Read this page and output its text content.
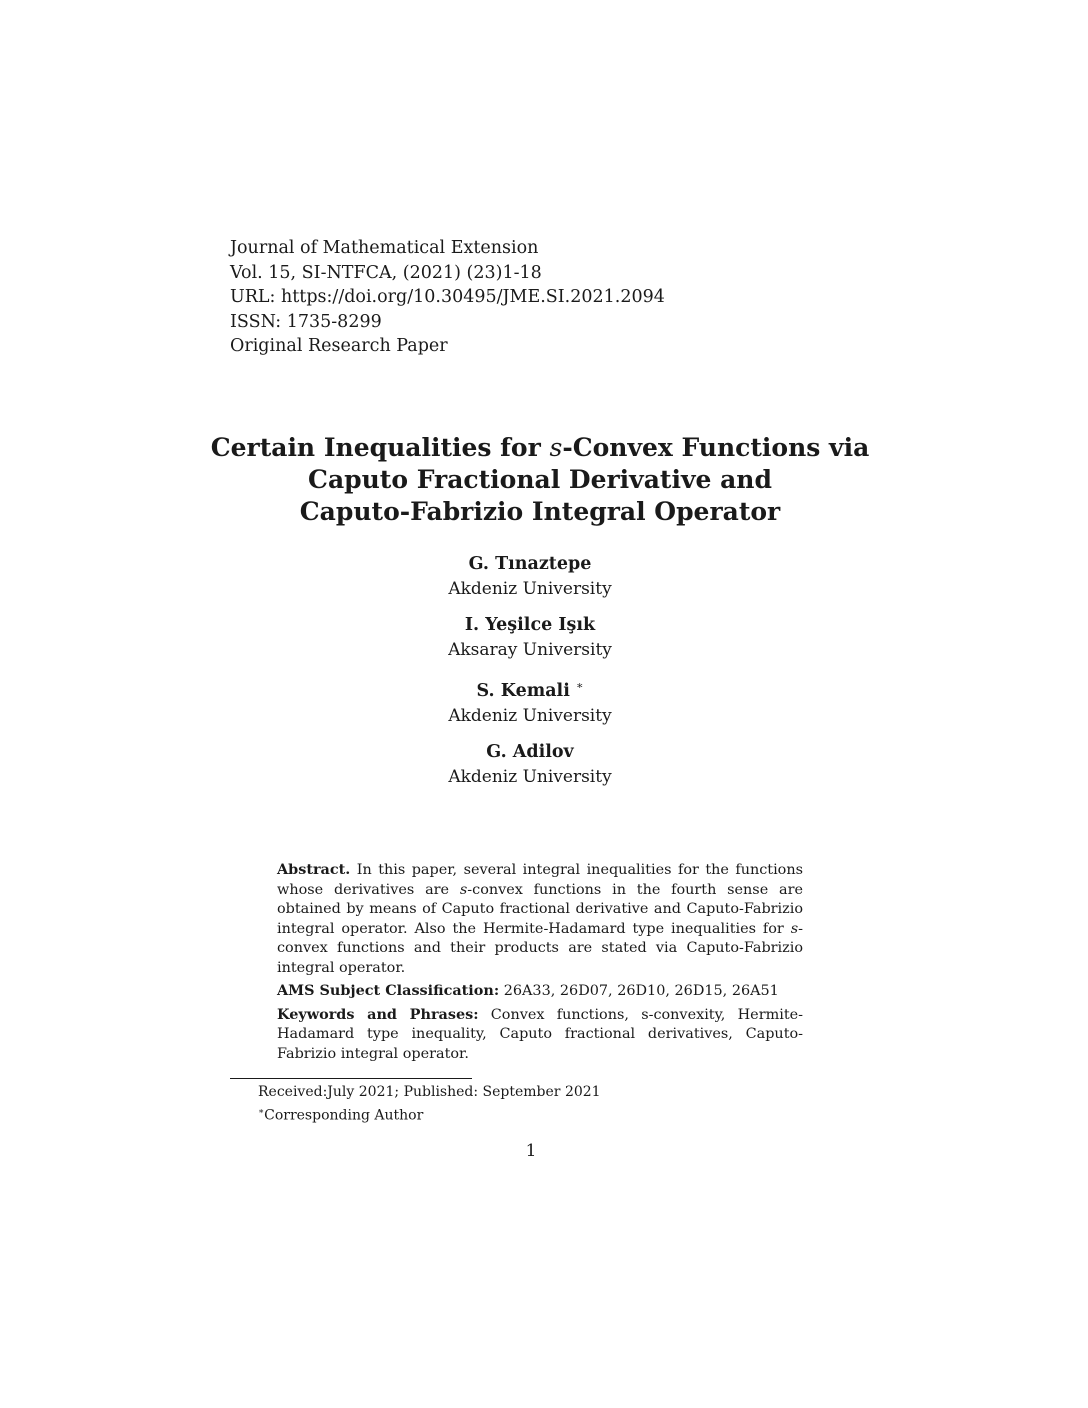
Journal of Mathematical Extension
Vol. 15, SI-NTFCA, (2021) (23)1-18
URL: https://doi.org/10.30495/JME.SI.2021.2094
ISSN: 1735-8299
Original Research Paper
Certain Inequalities for s-Convex Functions via
Caputo Fractional Derivative and
Caputo-Fabrizio Integral Operator
G. Tınaztepe
Akdeniz University
I. Yeşilce Işık
Aksaray University
S. Kemali ∗
Akdeniz University
G. Adilov
Akdeniz University

Abstract. In this paper, several integral inequalities for the functions whose derivatives are s-convex functions in the fourth sense are obtained by means of Caputo fractional derivative and Caputo-Fabrizio integral operator. Also the Hermite-Hadamard type inequalities for s-convex functions and their products are stated via Caputo-Fabrizio integral operator.

AMS Subject Classification: 26A33, 26D07, 26D10, 26D15, 26A51

Keywords and Phrases: Convex functions, s-convexity, Hermite-Hadamard type inequality, Caputo fractional derivatives, Caputo-Fabrizio integral operator.

Received:July 2021; Published: September 2021
∗Corresponding Author
1
